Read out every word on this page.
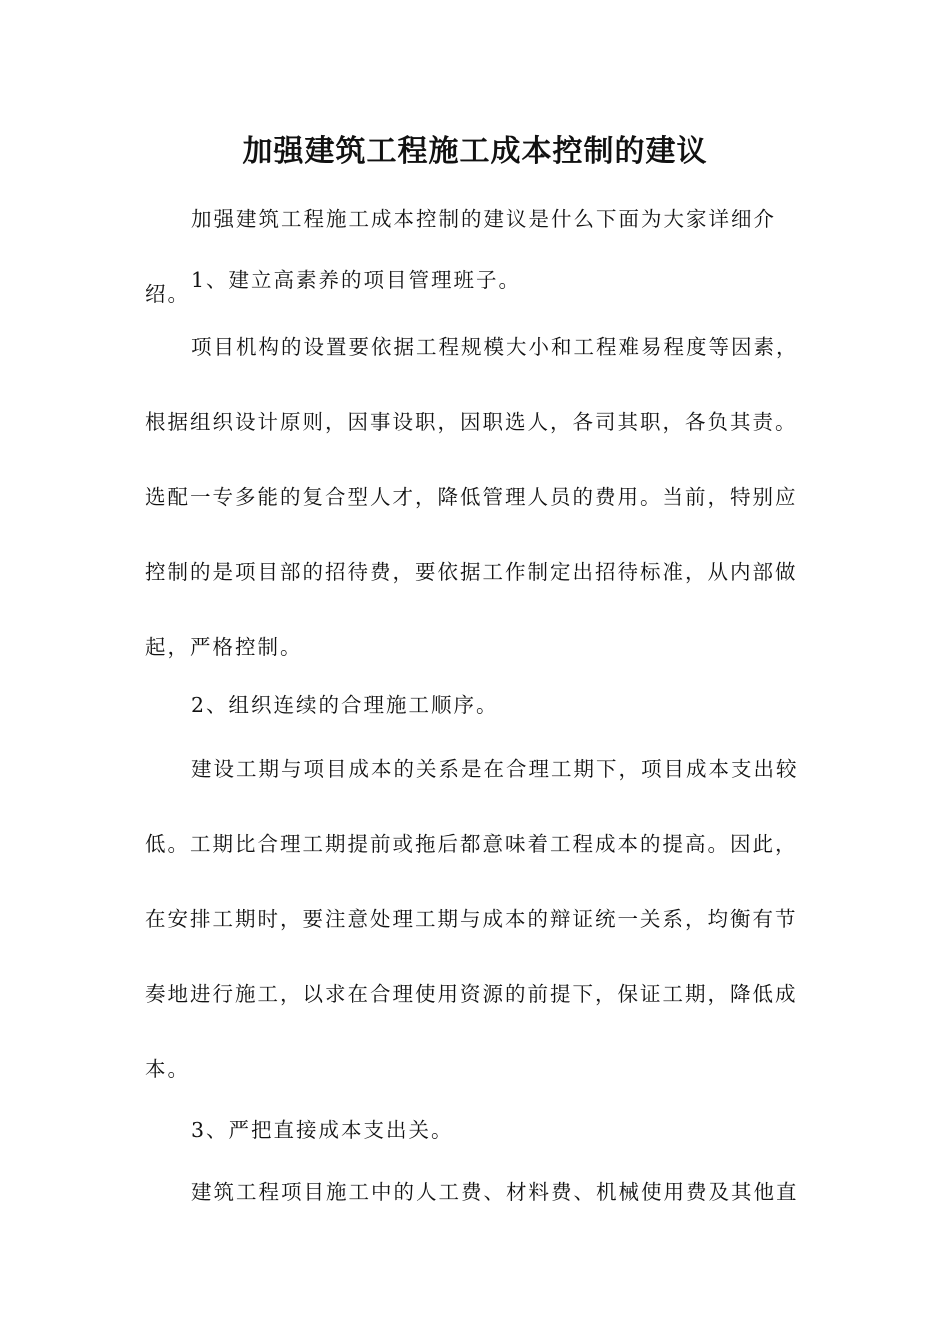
加强建筑工程施工成本控制的建议

加强建筑工程施工成本控制的建议是什么下面为大家详细介绍。

1、建立高素养的项目管理班子。

项目机构的设置要依据工程规模大小和工程难易程度等因素，
根据组织设计原则，因事设职，因职选人，各司其职，各负其责。
选配一专多能的复合型人才，降低管理人员的费用。当前，特别应
控制的是项目部的招待费，要依据工作制定出招待标准，从内部做
起，严格控制。

2、组织连续的合理施工顺序。

建设工期与项目成本的关系是在合理工期下，项目成本支出较
低。工期比合理工期提前或拖后都意味着工程成本的提高。因此，
在安排工期时，要注意处理工期与成本的辩证统一关系，均衡有节
奏地进行施工，以求在合理使用资源的前提下，保证工期，降低成
本。

3、严把直接成本支出关。

建筑工程项目施工中的人工费、材料费、机械使用费及其他直
